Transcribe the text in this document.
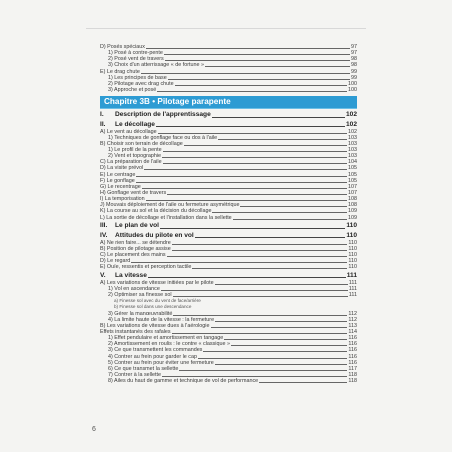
D) Posés spéciaux	97
1) Posé à contre-pente	97
2) Posé vent de travers	98
3) Choix d'un atterrissage « de fortune »	98
E) Le drag chute	99
1) Les principes de base	99
2) Pilotage avec drag chute	100
3) Approche et posé	100
Chapitre 3B • Pilotage parapente
I. Description de l'apprentissage	102
II. Le décollage	102
A) Le vent au décollage	102
1) Techniques de gonflage face ou dos à l'aile	103
B) Choisir son terrain de décollage	103
1) Le profil de la pente	103
2) Vent et topographie	103
C) La préparation de l'aile	104
D) La visite prévol	105
E) Le centrage	105
F) Le gonflage	105
G) Le recentrage	107
H) Gonflage vent de travers	107
I) La temporisation	108
J) Mouvais déploiement de l'aile ou fermeture asymétrique	108
K) La course au sol et la décision du décollage	109
L) La sortie de décollage et l'installation dans la sellette	109
III. Le plan de vol	110
IV. Attitudes du pilote en vol	110
A) Ne rien faire... se détendre	110
B) Position de pilotage assise	110
C) Le placement des mains	110
D) Le regard	110
E) Ouïe, ressentis et perception tactile	110
V. La vitesse	111
A) Les variations de vitesse initiées par le pilote	111
1) Vol en ascendance	111
2) Optimiser sa finesse sol	111
a) Finesse sol avec du vent de face/arrière
b) Finesse sol dans une descendance
3) Gérer la manœuvrabilité	112
4) La limite haute de la vitesse : la fermeture	112
B) Les variations de vitesse dues à l'aérologie	113
Effets instantanés des rafales	114
1) Effet pendulaire et amortissement en tangage	116
2) Amortissement en roulis : le contre « classique »	116
3) Ce que transmettent les commandes	116
4) Contrer au frein pour garder le cap	116
5) Contrer au frein pour éviter une fermeture	116
6) Ce que transmet la sellette	117
7) Contrer à la sellette	118
8) Ailes du haut de gamme et technique de vol de performance	118
6
